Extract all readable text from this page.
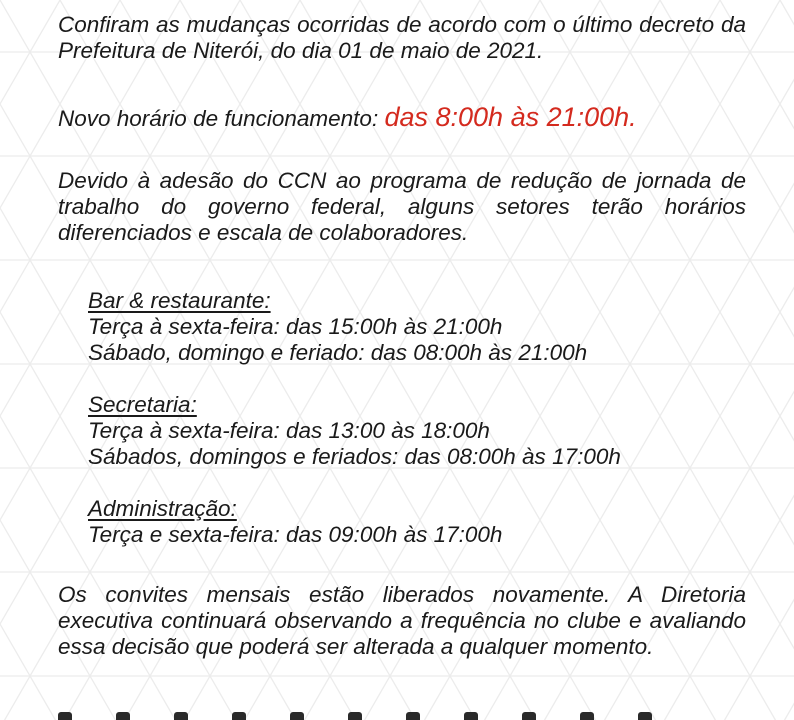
Confiram as mudanças ocorridas de acordo com o último decreto da Prefeitura de Niterói, do dia 01 de maio de 2021.

Novo horário de funcionamento: das 8:00h às 21:00h.

Devido à adesão do CCN ao programa de redução de jornada de trabalho do governo federal, alguns setores terão horários diferenciados e escala de colaboradores.

Bar & restaurante:
Terça à sexta-feira: das 15:00h às 21:00h
Sábado, domingo e feriado: das 08:00h às 21:00h
Secretaria:
Terça à sexta-feira: das 13:00 às 18:00h
Sábados, domingos e feriados: das 08:00h às 17:00h
Administração:
Terça e sexta-feira: das 09:00h às 17:00h

Os convites mensais estão liberados novamente. A Diretoria executiva continuará observando a frequência no clube e avaliando essa decisão que poderá ser alterada a qualquer momento.
